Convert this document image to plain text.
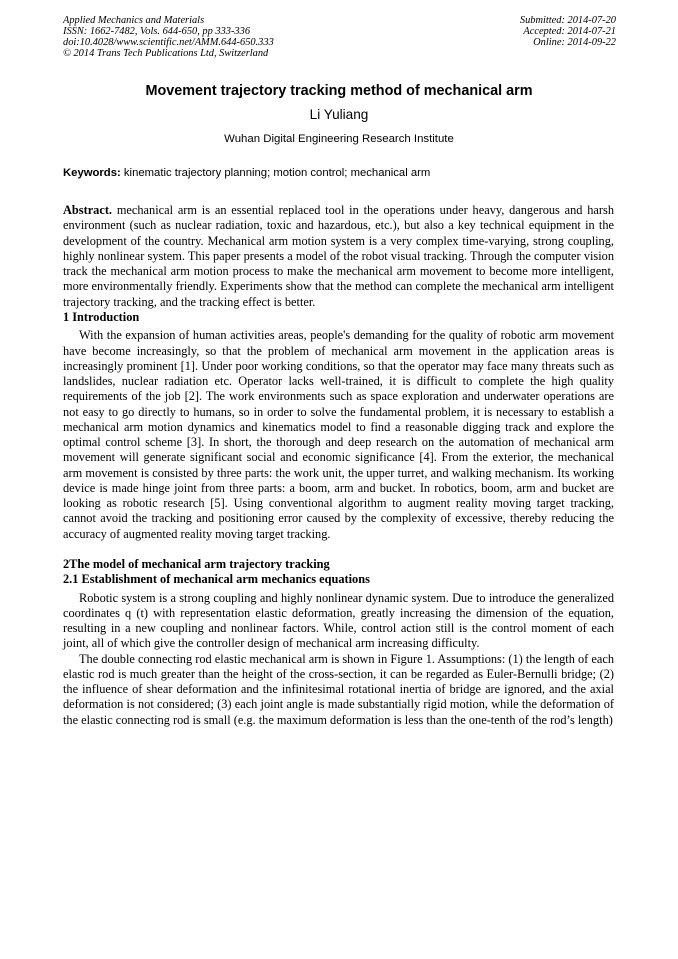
Applied Mechanics and Materials
ISSN: 1662-7482, Vols. 644-650, pp 333-336
doi:10.4028/www.scientific.net/AMM.644-650.333
© 2014 Trans Tech Publications Ltd, Switzerland
Submitted: 2014-07-20
Accepted: 2014-07-21
Online: 2014-09-22
Movement trajectory tracking method of mechanical arm
Li Yuliang
Wuhan Digital Engineering Research Institute
Keywords: kinematic trajectory planning; motion control; mechanical arm

Abstract. mechanical arm is an essential replaced tool in the operations under heavy, dangerous and harsh environment (such as nuclear radiation, toxic and hazardous, etc.), but also a key technical equipment in the development of the country. Mechanical arm motion system is a very complex time-varying, strong coupling, highly nonlinear system. This paper presents a model of the robot visual tracking. Through the computer vision track the mechanical arm motion process to make the mechanical arm movement to become more intelligent, more environmentally friendly. Experiments show that the method can complete the mechanical arm intelligent trajectory tracking, and the tracking effect is better.

1 Introduction

With the expansion of human activities areas, people's demanding for the quality of robotic arm movement have become increasingly, so that the problem of mechanical arm movement in the application areas is increasingly prominent [1]. Under poor working conditions, so that the operator may face many threats such as landslides, nuclear radiation etc. Operator lacks well-trained, it is difficult to complete the high quality requirements of the job [2]. The work environments such as space exploration and underwater operations are not easy to go directly to humans, so in order to solve the fundamental problem, it is necessary to establish a mechanical arm motion dynamics and kinematics model to find a reasonable digging track and explore the optimal control scheme [3]. In short, the thorough and deep research on the automation of mechanical arm movement will generate significant social and economic significance [4]. From the exterior, the mechanical arm movement is consisted by three parts: the work unit, the upper turret, and walking mechanism. Its working device is made hinge joint from three parts: a boom, arm and bucket. In robotics, boom, arm and bucket are looking as robotic research [5]. Using conventional algorithm to augment reality moving target tracking, cannot avoid the tracking and positioning error caused by the complexity of excessive, thereby reducing the accuracy of augmented reality moving target tracking.

2The model of mechanical arm trajectory tracking
2.1 Establishment of mechanical arm mechanics equations

Robotic system is a strong coupling and highly nonlinear dynamic system. Due to introduce the generalized coordinates q (t) with representation elastic deformation, greatly increasing the dimension of the equation, resulting in a new coupling and nonlinear factors. While, control action still is the control moment of each joint, all of which give the controller design of mechanical arm increasing difficulty.

The double connecting rod elastic mechanical arm is shown in Figure 1. Assumptions: (1) the length of each elastic rod is much greater than the height of the cross-section, it can be regarded as Euler-Bernulli bridge; (2) the influence of shear deformation and the infinitesimal rotational inertia of bridge are ignored, and the axial deformation is not considered; (3) each joint angle is made substantially rigid motion, while the deformation of the elastic connecting rod is small (e.g. the maximum deformation is less than the one-tenth of the rod’s length)
